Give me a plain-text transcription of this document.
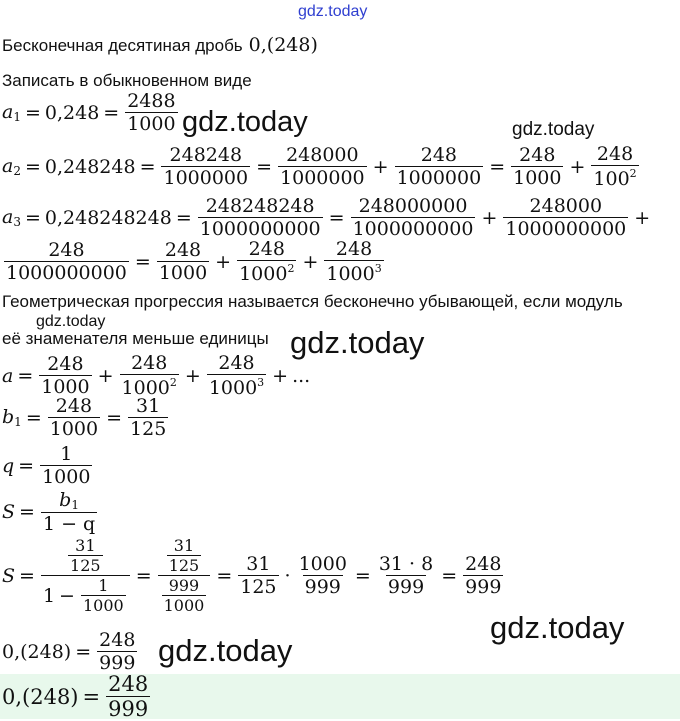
gdz.today
gdz.today	gdz.today
gdz.today
gdz.today
gdz.today
gdz.today
Бесконечная десятиная дробь 0,(248)
Записать в обыкновенном виде
$a_1 = 0,248 = \frac{2488}{1000}$
$a_2 = 0,248248 = \frac{248248}{1000000} = \frac{248000}{1000000} + \frac{248}{1000000} = \frac{248}{1000} + \frac{248}{100^2}$
$a_3 = 0,248248248 = \frac{248248248}{1000000000} = \frac{248000000}{1000000000} + \frac{248000}{1000000000}$ +
$\frac{248}{1000000000} = \frac{248}{1000} + \frac{248}{1000^2} + \frac{248}{1000^3}$
Геометрическая прогрессия называется бесконечно убывающей, если модуль
её знаменателя меньше единицы
$a = \frac{248}{1000} + \frac{248}{1000^2} + \frac{248}{1000^3}$ + ...
$b_1 = \frac{248}{1000} = \frac{31}{125}$
$q = \frac{1}{1000}$
$S = \frac{b_1}{1 - q}$
$S = \frac{\frac{31}{125}}{1 - \frac{1}{1000}} = \frac{\frac{31}{125}}{\frac{999}{1000}} = \frac{31}{125} \cdot \frac{1000}{999} = \frac{31 \cdot 8}{999} = \frac{248}{999}$
$0,(248) = \frac{248}{999}$
$0,(248) = \frac{248}{999}$
